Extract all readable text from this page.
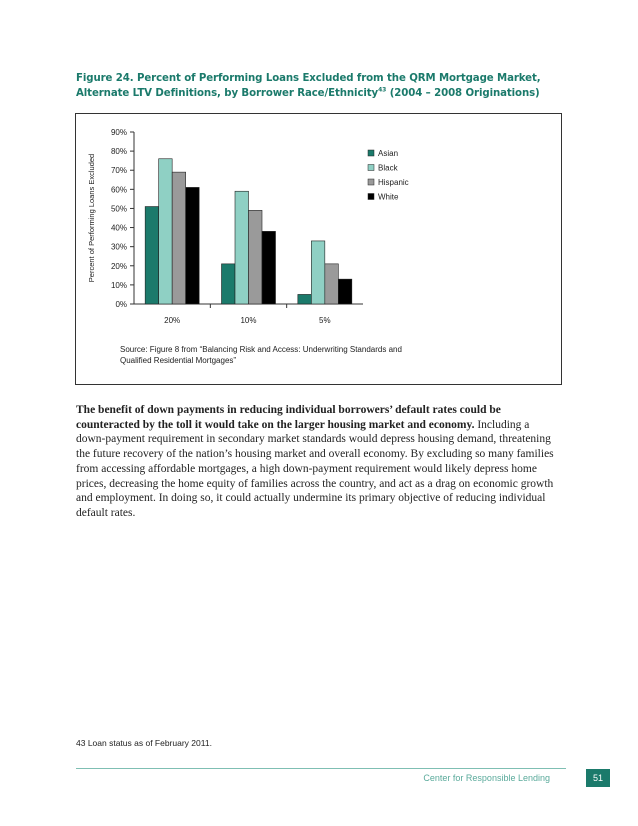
Figure 24. Percent of Performing Loans Excluded from the QRM Mortgage Market, Alternate LTV Definitions, by Borrower Race/Ethnicity$^{43}$ (2004 – 2008 Originations)
0%
10%
20%
30%
40%
50%
60%
70%
80%
90%
20%	10%	5%
Percent of Performing Loans Excluded
Asian
Black
Hispanic
White
Source: Figure 8 from “Balancing Risk and Access: Underwriting Standards and Qualified Residential Mortgages”
The benefit of down payments in reducing individual borrowers’ default rates could be counteracted by the toll it would take on the larger housing market and economy. Including a down-payment requirement in secondary market standards would depress housing demand, threatening the future recovery of the nation’s housing market and overall economy. By excluding so many families from accessing affordable mortgages, a high down-payment requirement would likely depress home prices, decreasing the home equity of families across the country, and act as a drag on economic growth and employment. In doing so, it could actually undermine its primary objective of reducing individual default rates.
43 Loan status as of February 2011.
Center for Responsible Lending	51
